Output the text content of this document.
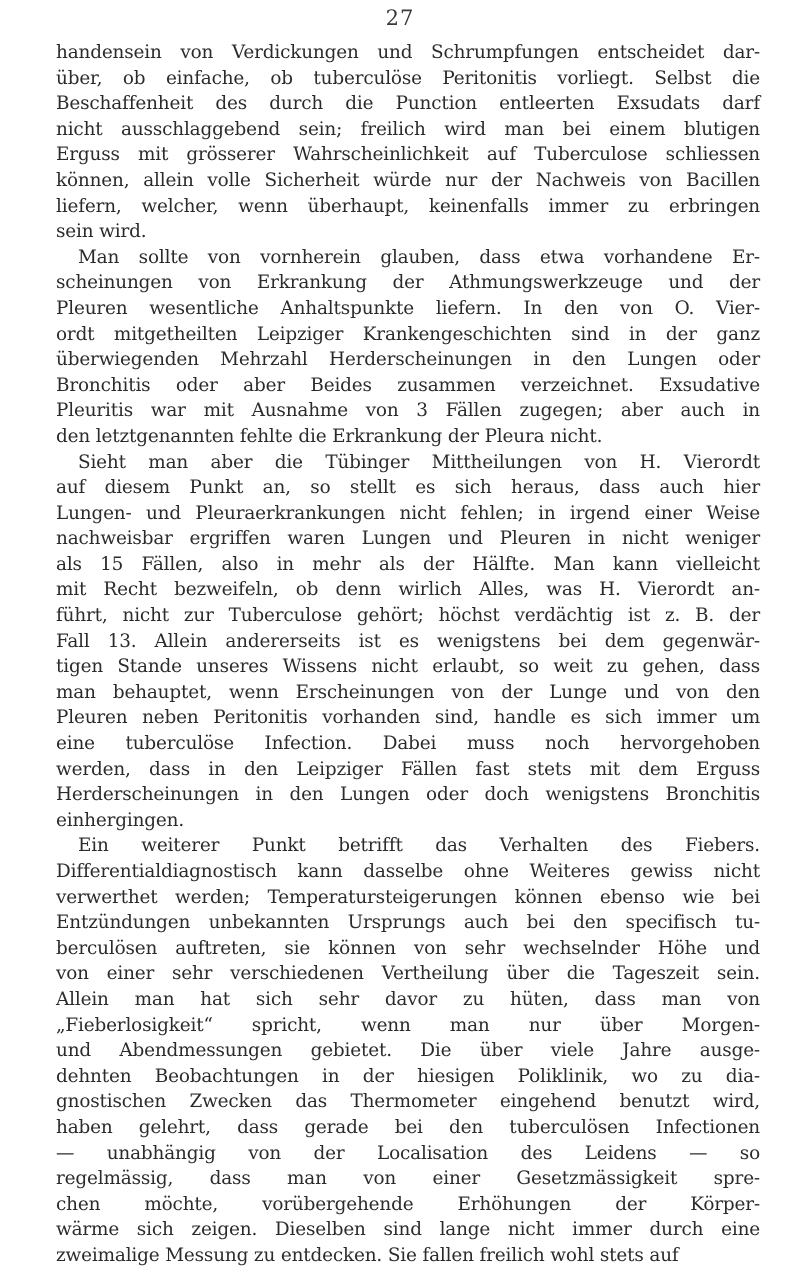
27
handensein von Verdickungen und Schrumpfungen entscheidet dar-
über, ob einfache, ob tuberculöse Peritonitis vorliegt. Selbst die
Beschaffenheit des durch die Punction entleerten Exsudats darf
nicht ausschlaggebend sein; freilich wird man bei einem blutigen
Erguss mit grösserer Wahrscheinlichkeit auf Tuberculose schliessen
können, allein volle Sicherheit würde nur der Nachweis von Bacillen
liefern, welcher, wenn überhaupt, keinenfalls immer zu erbringen
sein wird.
Man sollte von vornherein glauben, dass etwa vorhandene Er-
scheinungen von Erkrankung der Athmungswerkzeuge und der
Pleuren wesentliche Anhaltspunkte liefern. In den von O. Vier-
ordt mitgetheilten Leipziger Krankengeschichten sind in der ganz
überwiegenden Mehrzahl Herderscheinungen in den Lungen oder
Bronchitis oder aber Beides zusammen verzeichnet. Exsudative
Pleuritis war mit Ausnahme von 3 Fällen zugegen; aber auch in
den letztgenannten fehlte die Erkrankung der Pleura nicht.
Sieht man aber die Tübinger Mittheilungen von H. Vierordt
auf diesem Punkt an, so stellt es sich heraus, dass auch hier
Lungen- und Pleuraerkrankungen nicht fehlen; in irgend einer Weise
nachweisbar ergriffen waren Lungen und Pleuren in nicht weniger
als 15 Fällen, also in mehr als der Hälfte. Man kann vielleicht
mit Recht bezweifeln, ob denn wirlich Alles, was H. Vierordt an-
führt, nicht zur Tuberculose gehört; höchst verdächtig ist z. B. der
Fall 13. Allein andererseits ist es wenigstens bei dem gegenwär-
tigen Stande unseres Wissens nicht erlaubt, so weit zu gehen, dass
man behauptet, wenn Erscheinungen von der Lunge und von den
Pleuren neben Peritonitis vorhanden sind, handle es sich immer um
eine tuberculöse Infection. Dabei muss noch hervorgehoben
werden, dass in den Leipziger Fällen fast stets mit dem Erguss
Herderscheinungen in den Lungen oder doch wenigstens Bronchitis
einhergingen.
Ein weiterer Punkt betrifft das Verhalten des Fiebers.
Differentialdiagnostisch kann dasselbe ohne Weiteres gewiss nicht
verwerthet werden; Temperatursteigerungen können ebenso wie bei
Entzündungen unbekannten Ursprungs auch bei den specifisch tu-
berculösen auftreten, sie können von sehr wechselnder Höhe und
von einer sehr verschiedenen Vertheilung über die Tageszeit sein.
Allein man hat sich sehr davor zu hüten, dass man von
„Fieberlosigkeit“ spricht, wenn man nur über Morgen-
und Abendmessungen gebietet. Die über viele Jahre ausge-
dehnten Beobachtungen in der hiesigen Poliklinik, wo zu dia-
gnostischen Zwecken das Thermometer eingehend benutzt wird,
haben gelehrt, dass gerade bei den tuberculösen Infectionen
— unabhängig von der Localisation des Leidens — so
regelmässig, dass man von einer Gesetzmässigkeit spre-
chen möchte, vorübergehende Erhöhungen der Körper-
wärme sich zeigen. Dieselben sind lange nicht immer durch eine
zweimalige Messung zu entdecken. Sie fallen freilich wohl stets auf
